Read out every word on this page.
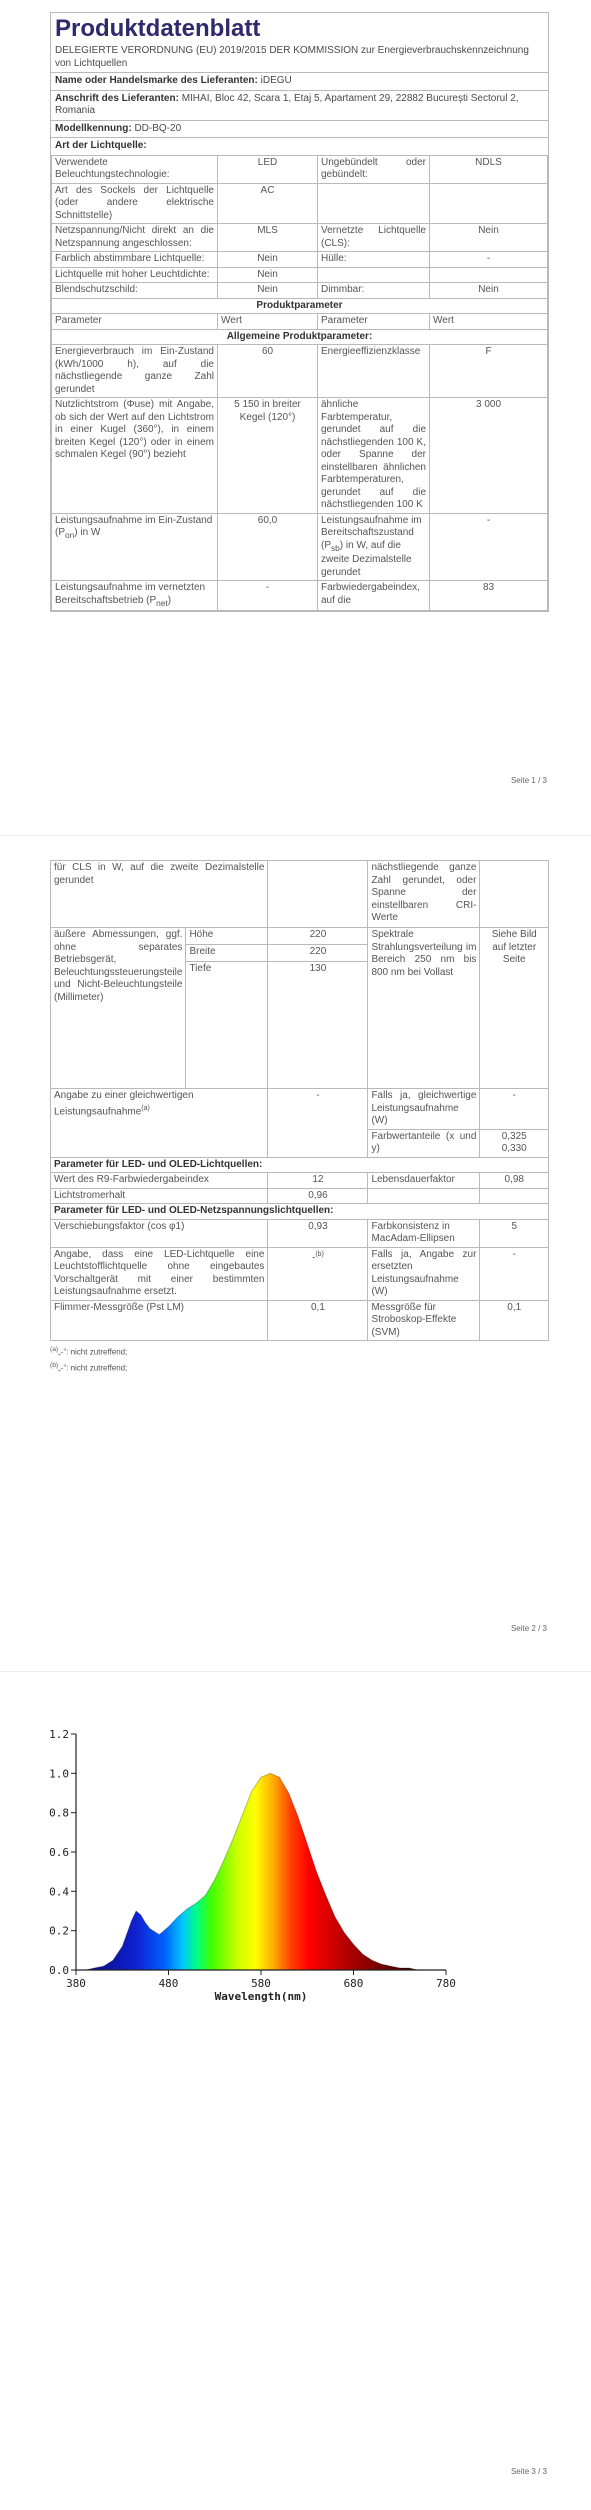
Produktdatenblatt
DELEGIERTE VERORDNUNG (EU) 2019/2015 DER KOMMISSION zur Energieverbrauchskennzeichnung von Lichtquellen
Name oder Handelsmarke des Lieferanten: iDEGU
Anschrift des Lieferanten: MIHAI, Bloc 42, Scara 1, Etaj 5, Apartament 29, 22882 București Sectorul 2, Romania
Modellkennung: DD-BQ-20
Art der Lichtquelle:
Verwendete Beleuchtungstechnologie:	LED	Ungebündelt oder gebündelt:	NDLS
Art des Sockels der Lichtquelle (oder andere elektrische Schnittstelle)	AC		
Netzspannung/Nicht direkt an die Netzspannung angeschlossen:	MLS	Vernetzte Lichtquelle (CLS):	Nein
Farblich abstimmbare Lichtquelle:	Nein	Hülle:	-
Lichtquelle mit hoher Leuchtdichte:	Nein		
Blendschutzschild:	Nein	Dimmbar:	Nein
Produktparameter			
Parameter	Wert	Parameter	Wert
Allgemeine Produktparameter:			
Energieverbrauch im Ein-Zustand (kWh/1000 h), auf die nächstliegende ganze Zahl gerundet	60	Energieeffizienzklasse	F
Nutzlichtstrom (Φuse) mit Angabe, ob sich der Wert auf den Lichtstrom in einer Kugel (360°), in einem breiten Kegel (120°) oder in einem schmalen Kegel (90°) bezieht	5 150 in breiter Kegel (120°)	ähnliche Farbtemperatur, gerundet auf die nächstliegenden 100 K, oder Spanne der einstellbaren ähnlichen Farbtemperaturen, gerundet auf die nächstliegenden 100 K	3 000
Leistungsaufnahme im Ein-Zustand $(P_{on})$ in W	60,0	Leistungsaufnahme im Bereitschaftszustand $(P_{sb})$ in W, auf die zweite Dezimalstelle gerundet	-
Leistungsaufnahme im vernetzten Bereitschaftsbetrieb $(P_{net})$	-	Farbwiedergabeindex, auf die	83
Seite 1 / 3
für CLS in W, auf die zweite Dezimalstelle gerundet			nächstliegende ganze Zahl gerundet, oder Spanne der einstellbaren CRI-Werte	
äußere Abmessungen, ggf. ohne separates Betriebsgerät, Beleuchtungssteuerungsteile und Nicht-Beleuchtungsteile (Millimeter)	Höhe	220	Spektrale Strahlungsverteilung im Bereich 250 nm bis 800 nm bei Vollast	Siehe Bild auf letzter Seite
	Breite	220		
	Tiefe	130		
Angabe zu einer gleichwertigen Leistungsaufnahme$^{(a)}$		-	Falls ja, gleichwertige Leistungsaufnahme (W)	-
			Farbwertanteile (x und y)	0,325
0,330

Parameter für LED- und OLED-Lichtquellen:				
Wert des R9-Farbwiedergabeindex		12	Lebensdauerfaktor	0,98
Lichtstromerhalt		0,96		
Parameter für LED- und OLED-Netzspannungslichtquellen:				
Verschiebungsfaktor (cos φ1)		0,93	Farbkonsistenz in MacAdam-Ellipsen	5
Angabe, dass eine LED-Lichtquelle eine Leuchtstofflichtquelle ohne eingebautes Vorschaltgerät mit einer bestimmten Leistungsaufnahme ersetzt.		-$^{(b)}$	Falls ja, Angabe zur ersetzten Leistungsaufnahme (W)	-
Flimmer-Messgröße (Pst LM)		0,1	Messgröße für Stroboskop-Effekte (SVM)	0,1
$^{(a)}$„-“: nicht zutreffend;
$^{(b)}$„-“: nicht zutreffend;
Seite 2 / 3
0.0
0.2
0.4
0.6
0.8
1.0
1.2
380	480	580	680	780
Wavelength(nm)
Seite 3 / 3
